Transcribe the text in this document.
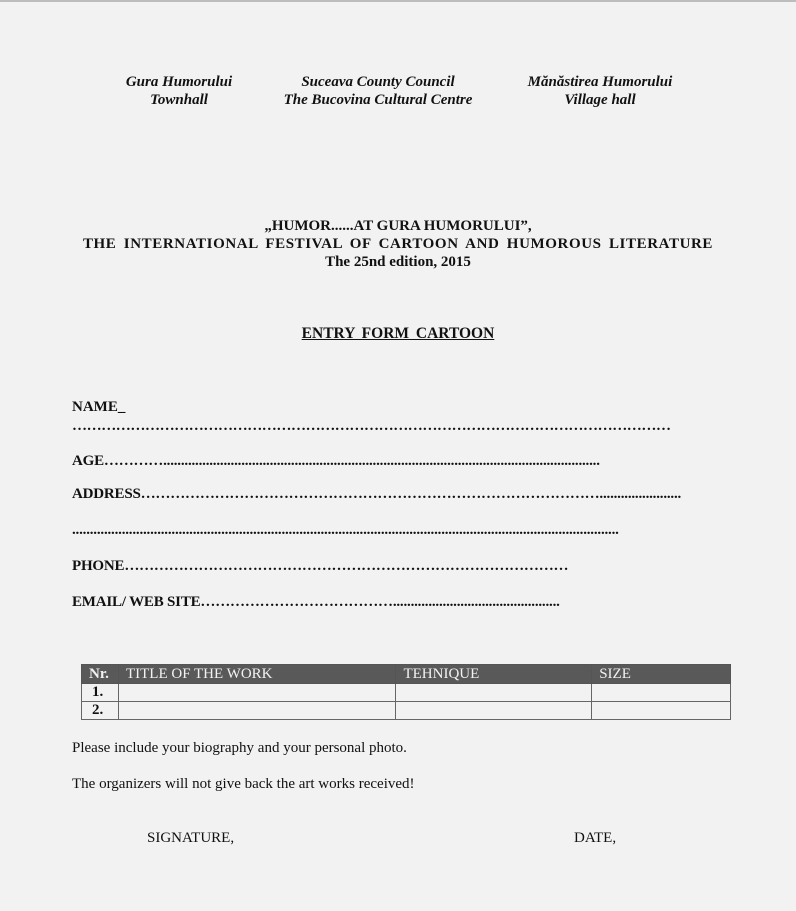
Gura Humorului
Townhall
Suceava County Council
The Bucovina Cultural Centre
Mănăstirea Humorului
Village hall
„HUMOR......AT GURA HUMORULUI”,
THE INTERNATIONAL FESTIVAL OF CARTOON AND HUMOROUS LITERATURE
The 25nd edition, 2015
ENTRY FORM CARTOON
NAME_
……………………………………………………………………………………………………………
AGE…………...........................................................................................................................
ADDRESS………………………………………………………………………………….......................
..........................................................................................................................................................
PHONE………………………………………………………………………………
EMAIL/ WEB SITE…………………………………...............................................
Nr.	TITLE OF THE WORK	TEHNIQUE	SIZE
1.			
2.			
Please include your biography and your personal photo.
The organizers will not give back the art works received!
SIGNATURE,	DATE,
